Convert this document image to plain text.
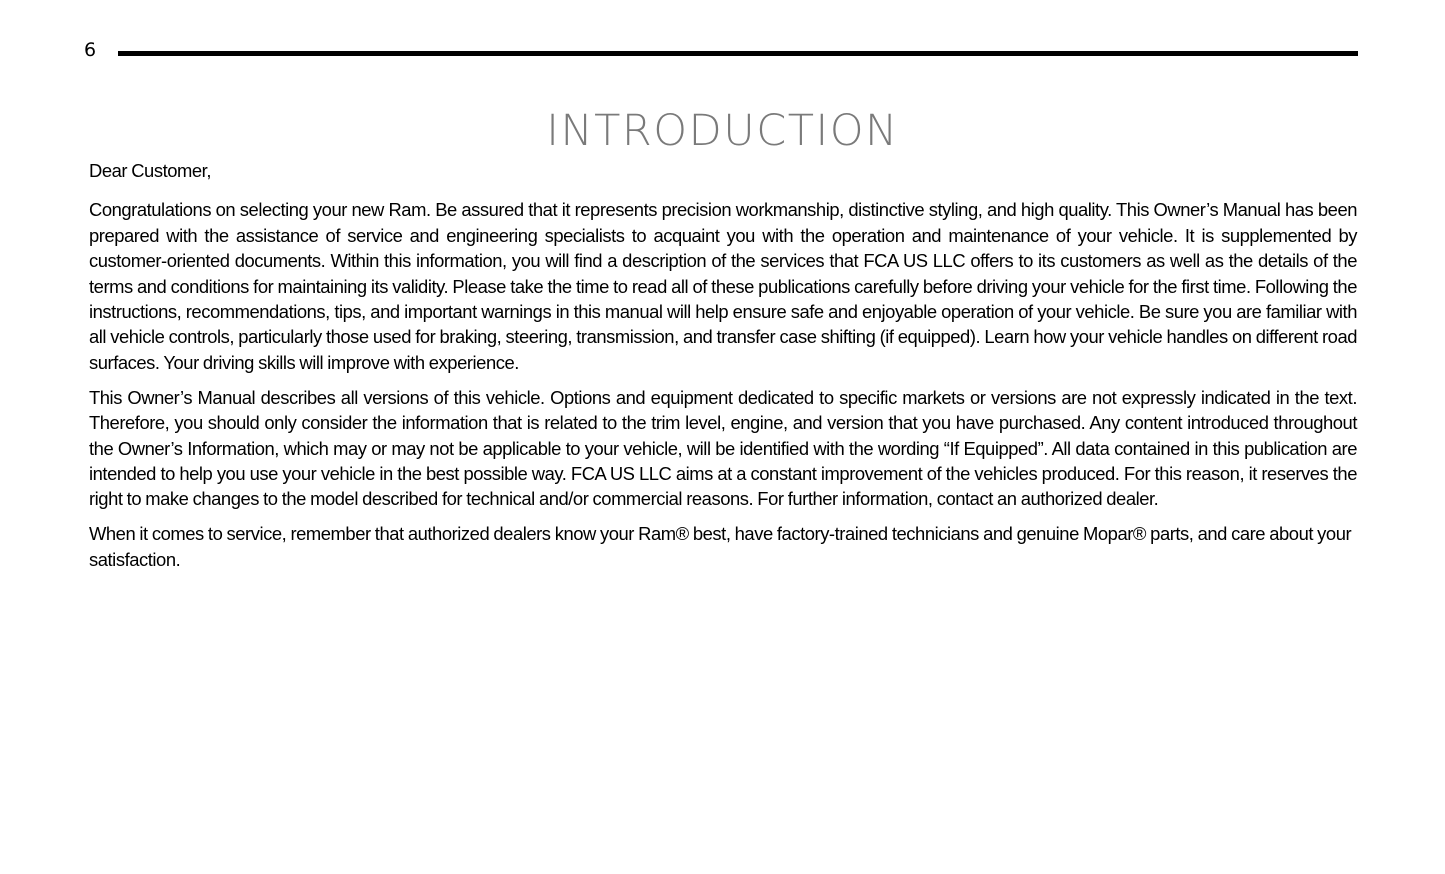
6
INTRODUCTION

Dear Customer,

Congratulations on selecting your new Ram. Be assured that it represents precision workmanship, distinctive styling, and high quality. This Owner’s Manual has been prepared with the assistance of service and engineering specialists to acquaint you with the operation and maintenance of your vehicle. It is supplemented by customer-oriented documents. Within this information, you will find a description of the services that FCA US LLC offers to its customers as well as the details of the terms and conditions for maintaining its validity. Please take the time to read all of these publications carefully before driving your vehicle for the first time. Following the instructions, recommendations, tips, and important warnings in this manual will help ensure safe and enjoyable operation of your vehicle. Be sure you are familiar with all vehicle controls, particularly those used for braking, steering, transmission, and transfer case shifting (if equipped). Learn how your vehicle handles on different road surfaces. Your driving skills will improve with experience.

This Owner’s Manual describes all versions of this vehicle. Options and equipment dedicated to specific markets or versions are not expressly indicated in the text. Therefore, you should only consider the information that is related to the trim level, engine, and version that you have purchased. Any content introduced throughout the Owner’s Information, which may or may not be applicable to your vehicle, will be identified with the wording “If Equipped”. All data contained in this publication are intended to help you use your vehicle in the best possible way. FCA US LLC aims at a constant improvement of the vehicles produced. For this reason, it reserves the right to make changes to the model described for technical and/or commercial reasons. For further information, contact an authorized dealer.

When it comes to service, remember that authorized dealers know your Ram® best, have factory-trained technicians and genuine Mopar® parts, and care about your satisfaction.
